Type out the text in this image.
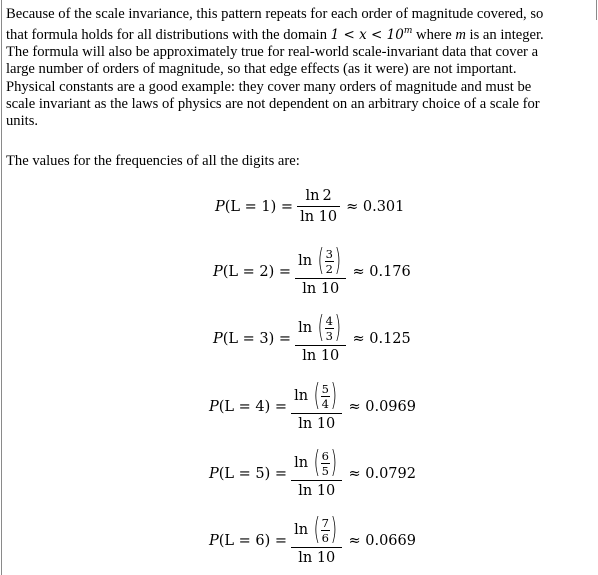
Because of the scale invariance, this pattern repeats for each order of magnitude covered, so
that formula holds for all distributions with the domain $1 < x < 10^m$ where m is an integer.
The formula will also be approximately true for real-world scale-invariant data that cover a
large number of orders of magnitude, so that edge effects (as it were) are not important.
Physical constants are a good example: they cover many orders of magnitude and must be
scale invariant as the laws of physics are not dependent on an arbitrary choice of a scale for
units.
The values for the frequencies of all the digits are:
$P(L = 1) = \frac{\ln 2}{\ln 10} \approx 0.301$
P(L = 2) = ln ( 3
2 )
ln 10 ≈ 0.176
P(L = 3) = ln ( 4
3 )
ln 10 ≈ 0.125
P(L = 4) = ln ( 5
4 )
ln 10 ≈ 0.0969
P(L = 5) = ln ( 6
5 )
ln 10 ≈ 0.0792
P(L = 6) = ln ( 7
6 )
ln 10 ≈ 0.0669
